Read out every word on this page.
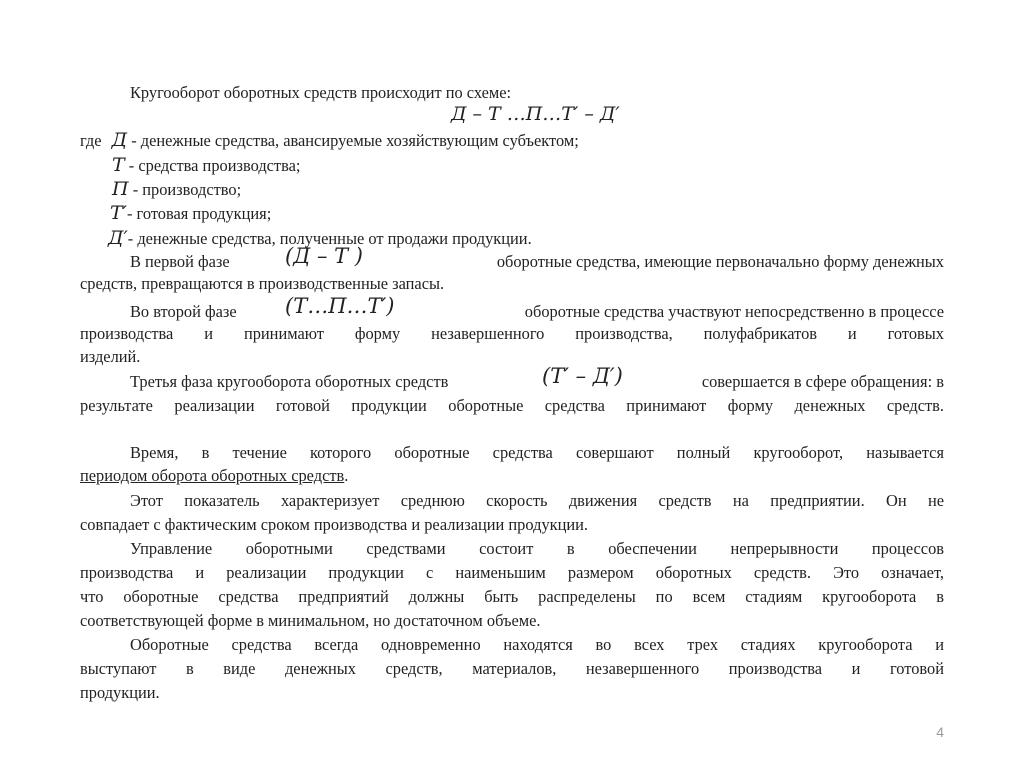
Кругооборот оборотных средств происходит по схеме:
Д – Т …П…Т′ – Д′
где Д - денежные средства, авансируемые хозяйствующим субъектом;
Т - средства производства;
П - производство;
Т′- готовая продукция;
Д′- денежные средства, полученные от продажи продукции.
В первой фазе	(Д – Т )	оборотные средства, имеющие первоначально форму денежных
средств, превращаются в производственные запасы.
Во второй фазе (Т…П…Т′)	оборотные средства участвуют непосредственно в процессе
производства и принимают форму незавершенного производства, полуфабрикатов и готовых
изделий.
Третья фаза кругооборота оборотных средств	(Т′ – Д′)	совершается в сфере обращения: в
результате реализации готовой продукции оборотные средства принимают форму денежных средств.
Время, в течение которого оборотные средства совершают полный кругооборот, называется
периодом оборота оборотных средств.
Этот показатель характеризует среднюю скорость движения средств на предприятии. Он не
совпадает с фактическим сроком производства и реализации продукции.
Управление оборотными средствами состоит в обеспечении непрерывности процессов
производства и реализации продукции с наименьшим размером оборотных средств. Это означает,
что оборотные средства предприятий должны быть распределены по всем стадиям кругооборота в
соответствующей форме в минимальном, но достаточном объеме.
Оборотные средства всегда одновременно находятся во всех трех стадиях кругооборота и
выступают в виде денежных средств, материалов, незавершенного производства и готовой
продукции.
4
